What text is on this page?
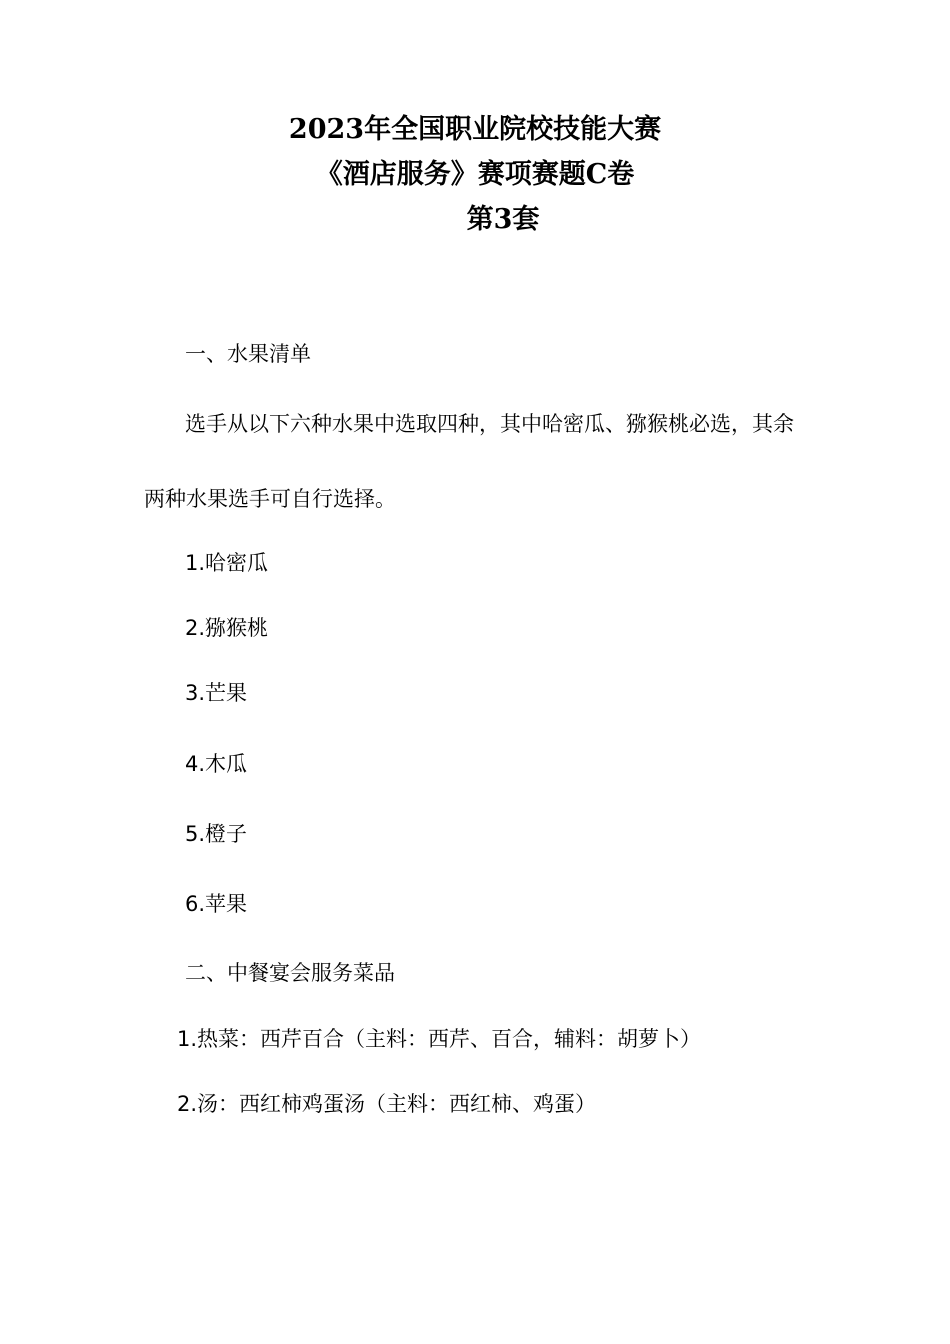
2023年全国职业院校技能大赛
《酒店服务》赛项赛题C卷
第3套
一、水果清单
选手从以下六种水果中选取四种，其中哈密瓜、猕猴桃必选，其余
两种水果选手可自行选择。
1.哈密瓜
2.猕猴桃
3.芒果
4.木瓜
5.橙子
6.苹果
二、中餐宴会服务菜品
1.热菜：西芹百合（主料：西芹、百合，辅料：胡萝卜）
2.汤：西红柿鸡蛋汤（主料：西红柿、鸡蛋）
